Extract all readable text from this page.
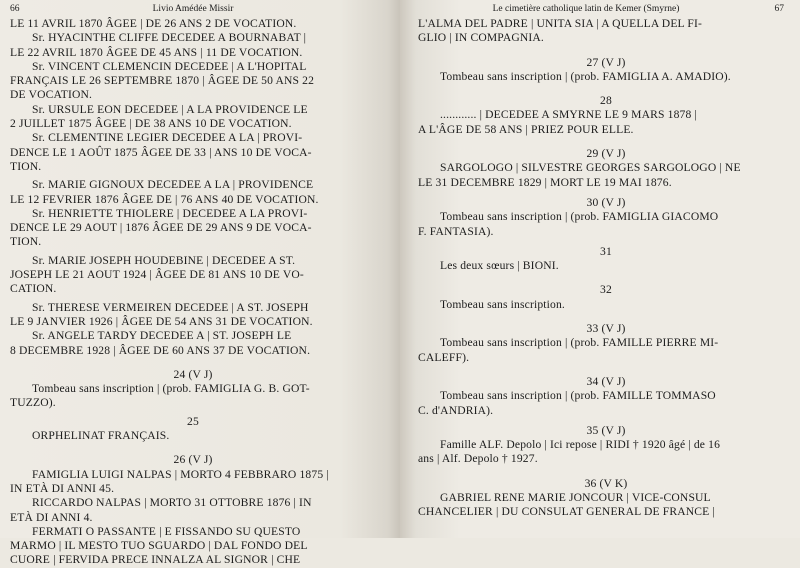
66	Livio Amédée Missir
LE 11 AVRIL 1870 ÂGEE | DE 26 ANS 2 DE VOCATION.
Sr. HYACINTHE CLIFFE DECEDEE A BOURNABAT |
LE 22 AVRIL 1870 ÂGEE DE 45 ANS | 11 DE VOCATION.
Sr. VINCENT CLEMENCIN DECEDEE | A L'HOPITAL
FRANÇAIS LE 26 SEPTEMBRE 1870 | ÂGEE DE 50 ANS 22
DE VOCATION.
Sr. URSULE EON DECEDEE | A LA PROVIDENCE LE
2 JUILLET 1875 ÂGEE | DE 38 ANS 10 DE VOCATION.
Sr. CLEMENTINE LEGIER DECEDEE A LA | PROVI-
DENCE LE 1 AOÛT 1875 ÂGEE DE 33 | ANS 10 DE VOCA-
TION.
Sr. MARIE GIGNOUX DECEDEE A LA | PROVIDENCE
LE 12 FEVRIER 1876 ÂGEE DE | 76 ANS 40 DE VOCATION.
Sr. HENRIETTE THIOLERE | DECEDEE A LA PROVI-
DENCE LE 29 AOUT | 1876 ÂGEE DE 29 ANS 9 DE VOCA-
TION.
Sr. MARIE JOSEPH HOUDEBINE | DECEDEE A ST.
JOSEPH LE 21 AOUT 1924 | ÂGEE DE 81 ANS 10 DE VO-
CATION.
Sr. THERESE VERMEIREN DECEDEE | A ST. JOSEPH
LE 9 JANVIER 1926 | ÂGEE DE 54 ANS 31 DE VOCATION.
Sr. ANGELE TARDY DECEDEE A | ST. JOSEPH LE
8 DECEMBRE 1928 | ÂGEE DE 60 ANS 37 DE VOCATION.
24 (V J)
Tombeau sans inscription | (prob. FAMIGLIA G. B. GOT-
TUZZO).
25
ORPHELINAT FRANÇAIS.
26 (V J)
FAMIGLIA LUIGI NALPAS | MORTO 4 FEBBRARO 1875 |
IN ETÀ DI ANNI 45.
RICCARDO NALPAS | MORTO 31 OTTOBRE 1876 | IN
ETÀ DI ANNI 4.
FERMATI O PASSANTE | E FISSANDO SU QUESTO
MARMO | IL MESTO TUO SGUARDO | DAL FONDO DEL
CUORE | FERVIDA PRECE INNALZA AL SIGNOR | CHE
Le cimetière catholique latin de Kemer (Smyrne)	67
L'ALMA DEL PADRE | UNITA SIA | A QUELLA DEL FI-
GLIO | IN COMPAGNIA.
27 (V J)
Tombeau sans inscription | (prob. FAMIGLIA A. AMADIO).
28
............ | DECEDEE A SMYRNE LE 9 MARS 1878 |
A L'ÂGE DE 58 ANS | PRIEZ POUR ELLE.
29 (V J)
SARGOLOGO | SILVESTRE GEORGES SARGOLOGO | NE
LE 31 DECEMBRE 1829 | MORT LE 19 MAI 1876.
30 (V J)
Tombeau sans inscription | (prob. FAMIGLIA GIACOMO
F. FANTASIA).
31
Les deux sœurs | BIONI.
32
Tombeau sans inscription.
33 (V J)
Tombeau sans inscription | (prob. FAMILLE PIERRE MI-
CALEFF).
34 (V J)
Tombeau sans inscription | (prob. FAMILLE TOMMASO
C. d'ANDRIA).
35 (V J)
Famille ALF. Depolo | Ici repose | RIDI † 1920 âgé | de 16
ans | Alf. Depolo † 1927.
36 (V K)
GABRIEL RENE MARIE JONCOUR | VICE-CONSUL
CHANCELIER | DU CONSULAT GENERAL DE FRANCE |
